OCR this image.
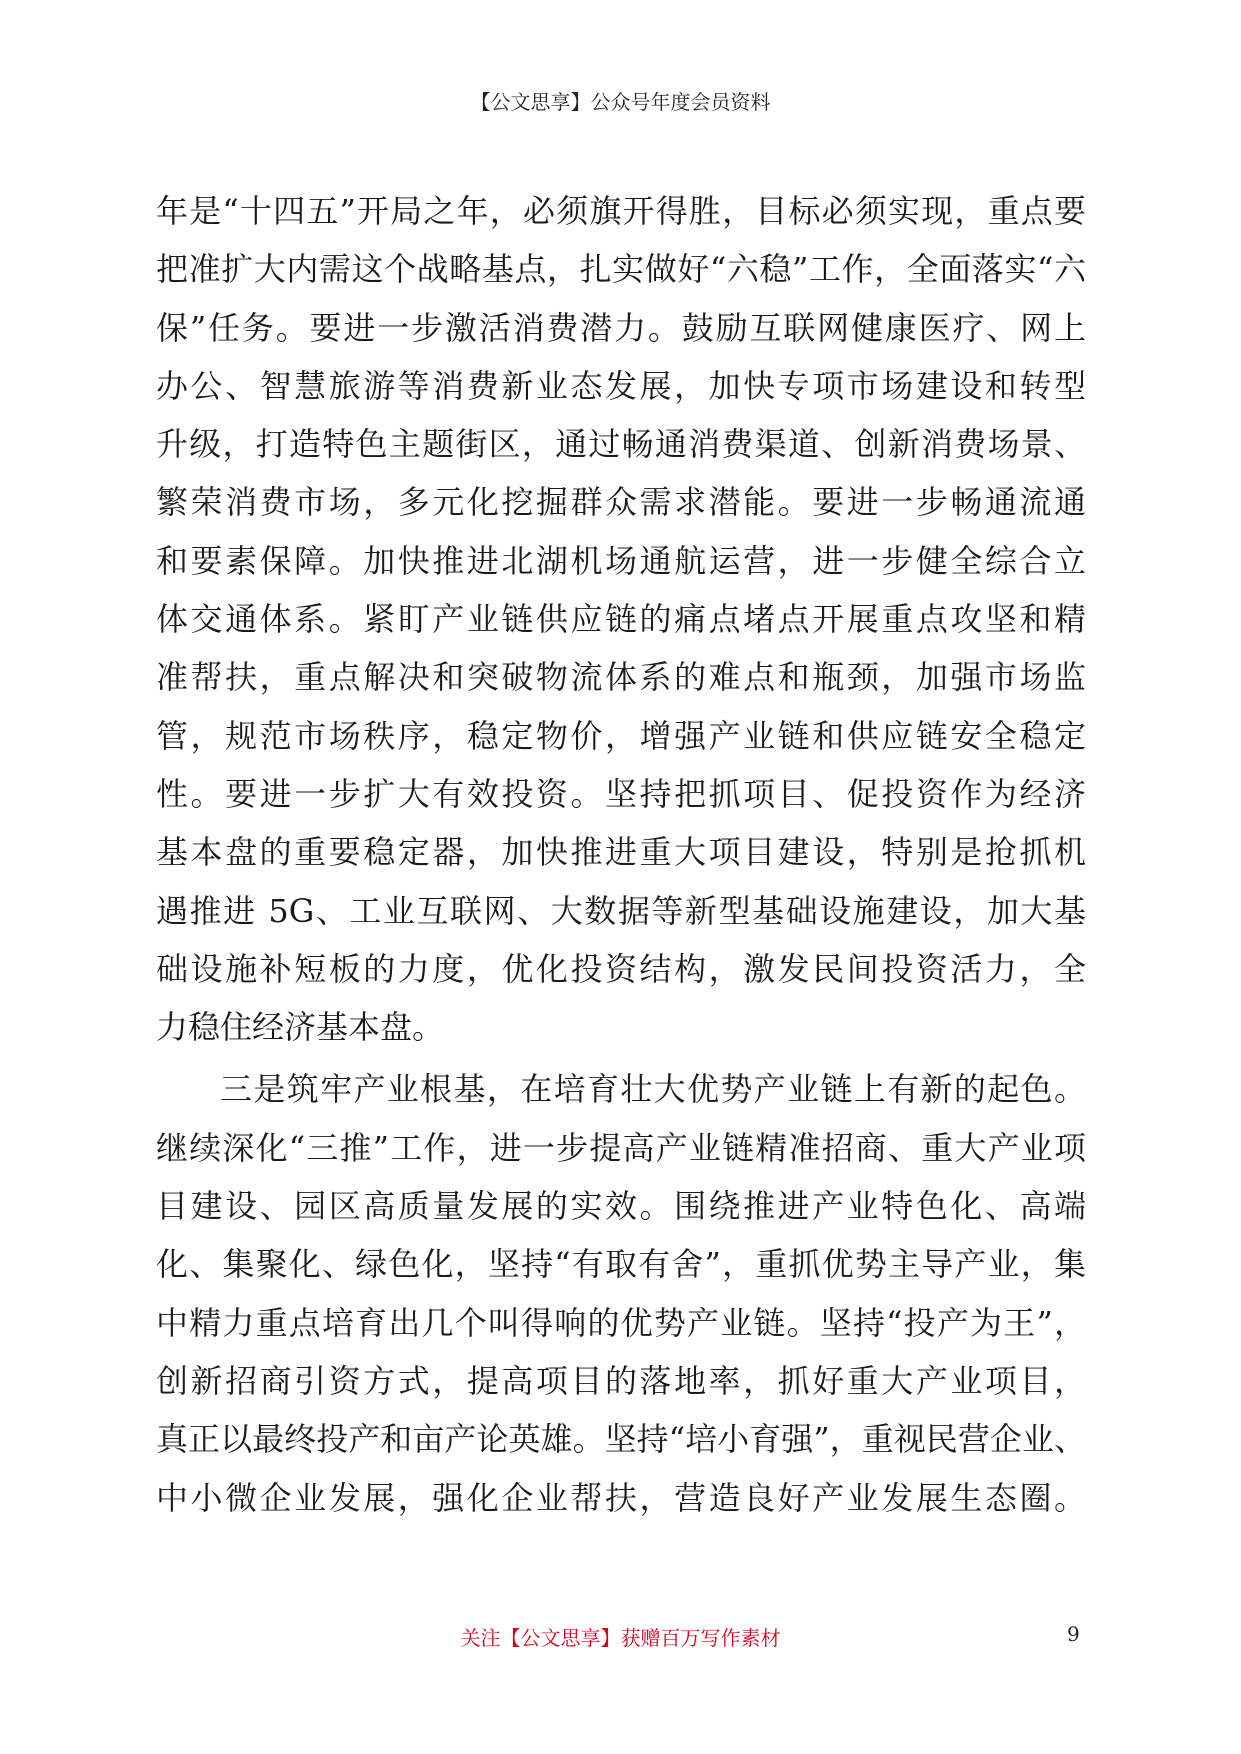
【公文思享】公众号年度会员资料
年是“十四五”开局之年，必须旗开得胜，目标必须实现，重点要
把准扩大内需这个战略基点，扎实做好“六稳”工作，全面落实“六
保”任务。要进一步激活消费潜力。鼓励互联网健康医疗、网上
办公、智慧旅游等消费新业态发展，加快专项市场建设和转型
升级，打造特色主题街区，通过畅通消费渠道、创新消费场景、
繁荣消费市场，多元化挖掘群众需求潜能。要进一步畅通流通
和要素保障。加快推进北湖机场通航运营，进一步健全综合立
体交通体系。紧盯产业链供应链的痛点堵点开展重点攻坚和精
准帮扶，重点解决和突破物流体系的难点和瓶颈，加强市场监
管，规范市场秩序，稳定物价，增强产业链和供应链安全稳定
性。要进一步扩大有效投资。坚持把抓项目、促投资作为经济
基本盘的重要稳定器，加快推进重大项目建设，特别是抢抓机
遇推进 5G、工业互联网、大数据等新型基础设施建设，加大基
础设施补短板的力度，优化投资结构，激发民间投资活力，全
力稳住经济基本盘。
三是筑牢产业根基，在培育壮大优势产业链上有新的起色。
继续深化“三推”工作，进一步提高产业链精准招商、重大产业项
目建设、园区高质量发展的实效。围绕推进产业特色化、高端
化、集聚化、绿色化，坚持“有取有舍”，重抓优势主导产业，集
中精力重点培育出几个叫得响的优势产业链。坚持“投产为王”，
创新招商引资方式，提高项目的落地率，抓好重大产业项目，
真正以最终投产和亩产论英雄。坚持“培小育强”，重视民营企业、
中小微企业发展，强化企业帮扶，营造良好产业发展生态圈。
关注【公文思享】获赠百万写作素材	9
